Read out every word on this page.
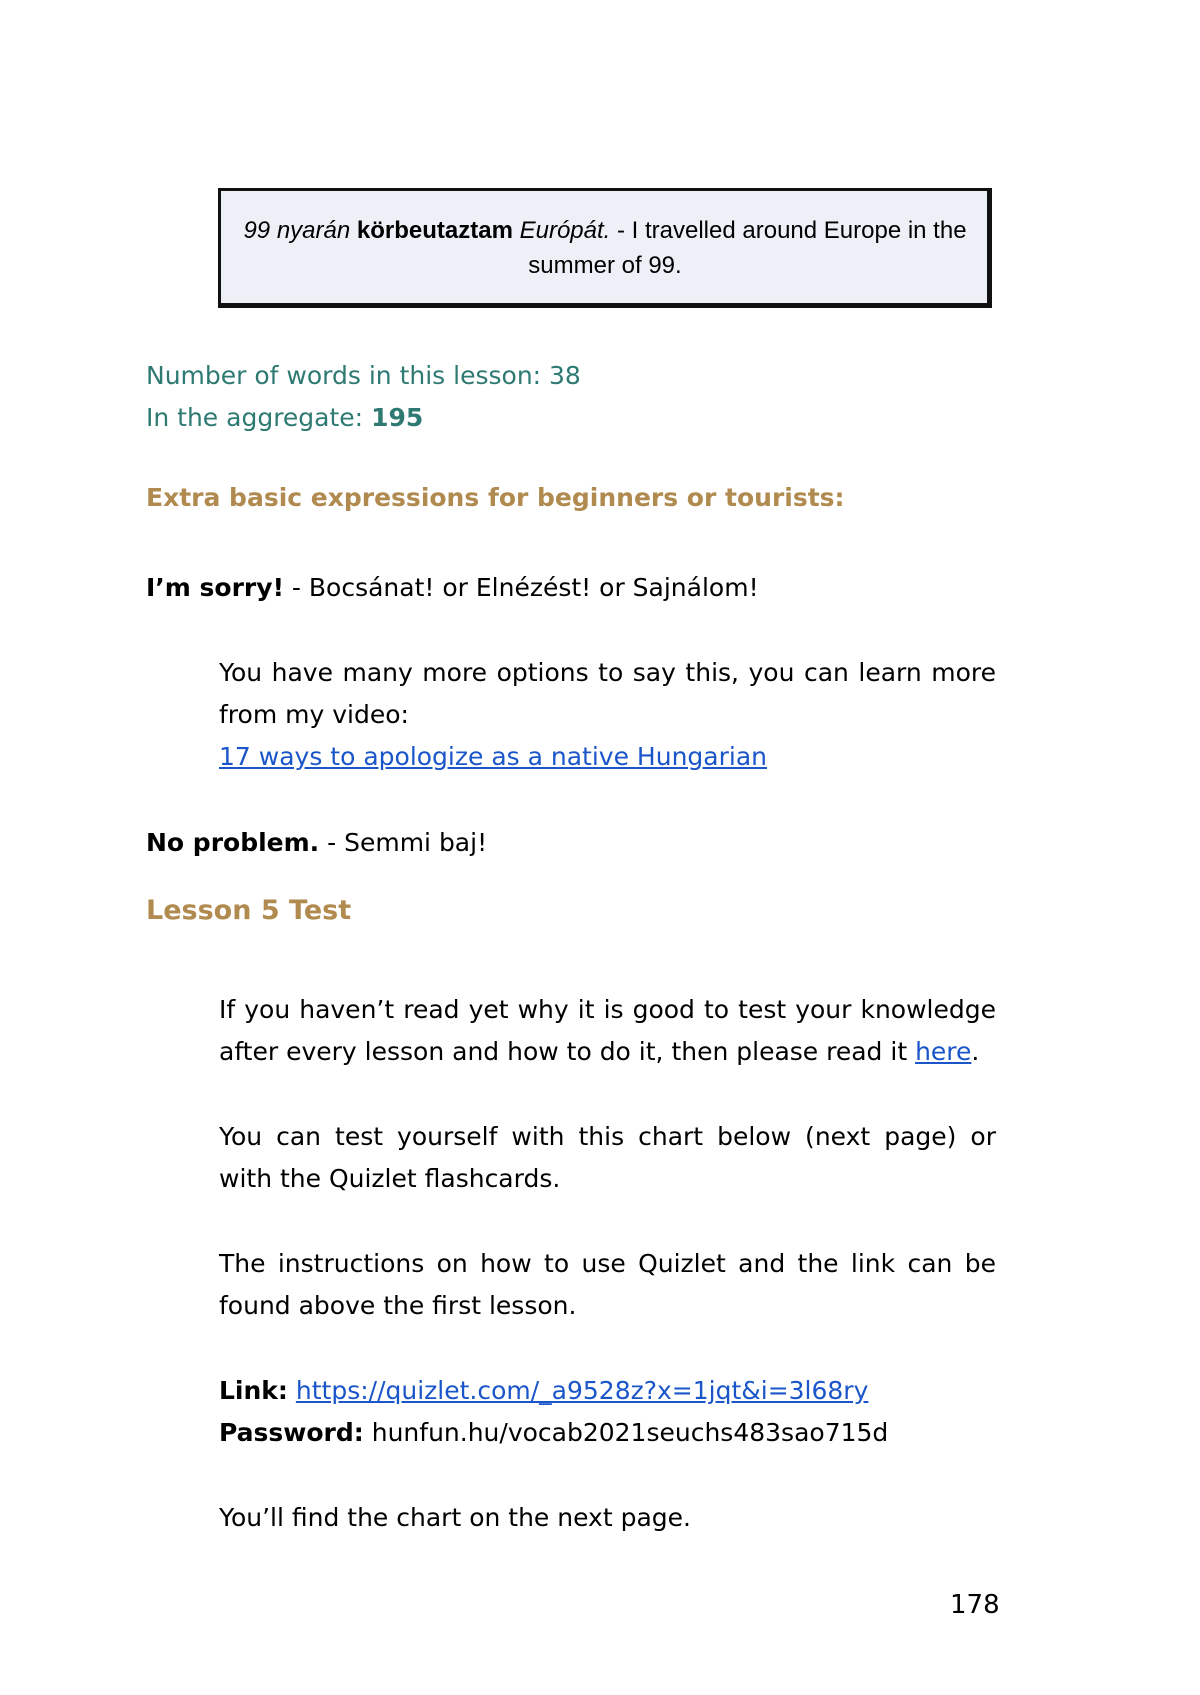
99 nyarán körbeutaztam Európát. - I travelled around Europe in the summer of 99.
Number of words in this lesson: 38
In the aggregate: 195
Extra basic expressions for beginners or tourists:
I’m sorry! - Bocsánat! or Elnézést! or Sajnálom!
You have many more options to say this, you can learn more from my video:
17 ways to apologize as a native Hungarian
No problem. - Semmi baj!
Lesson 5 Test
If you haven’t read yet why it is good to test your knowledge after every lesson and how to do it, then please read it here.
You can test yourself with this chart below (next page) or with the Quizlet flashcards.
The instructions on how to use Quizlet and the link can be found above the first lesson.
Link: https://quizlet.com/_a9528z?x=1jqt&i=3l68ry
Password: hunfun.hu/vocab2021seuchs483sao715d
You’ll find the chart on the next page.
178
